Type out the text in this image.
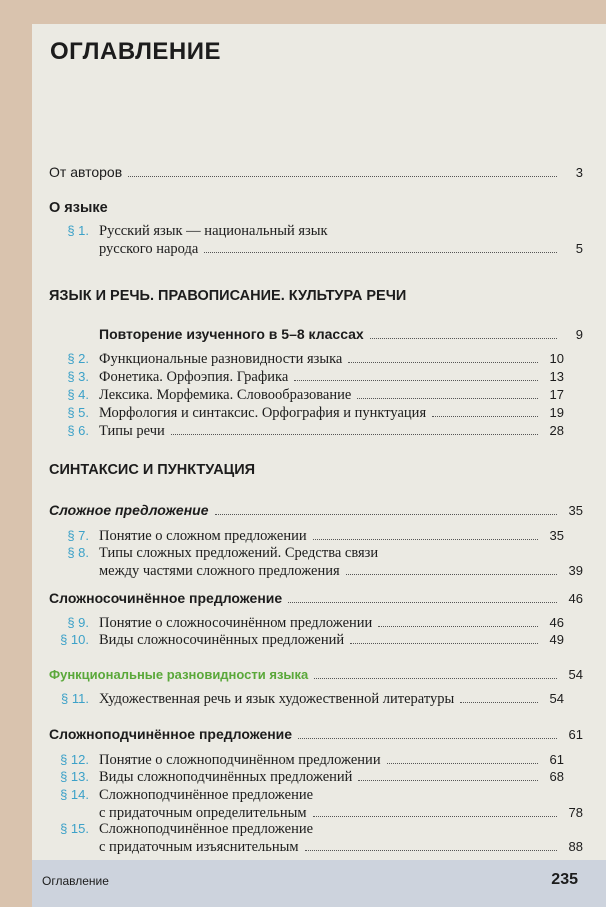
ОГЛАВЛЕНИЕ
От авторов	3
О языке
§ 1. Русский язык — национальный язык
русского народа	5
ЯЗЫК И РЕЧЬ. ПРАВОПИСАНИЕ. КУЛЬТУРА РЕЧИ
Повторение изученного в 5–8 классах	9
§ 2. Функциональные разновидности языка	10
§ 3. Фонетика. Орфоэпия. Графика	13
§ 4. Лексика. Морфемика. Словообразование	17
§ 5. Морфология и синтаксис. Орфография и пунктуация	19
§ 6. Типы речи	28
СИНТАКСИС И ПУНКТУАЦИЯ
Сложное предложение	35
§ 7. Понятие о сложном предложении	35
§ 8. Типы сложных предложений. Средства связи
между частями сложного предложения	39
Сложносочинённое предложение	46
§ 9. Понятие о сложносочинённом предложении	46
§ 10. Виды сложносочинённых предложений	49
Функциональные разновидности языка	54
§ 11. Художественная речь и язык художественной литературы	54
Сложноподчинённое предложение	61
§ 12. Понятие о сложноподчинённом предложении	61
§ 13. Виды сложноподчинённых предложений	68
§ 14. Сложноподчинённое предложение
с придаточным определительным	78
§ 15. Сложноподчинённое предложение
с придаточным изъяснительным	88
Оглавление	235
